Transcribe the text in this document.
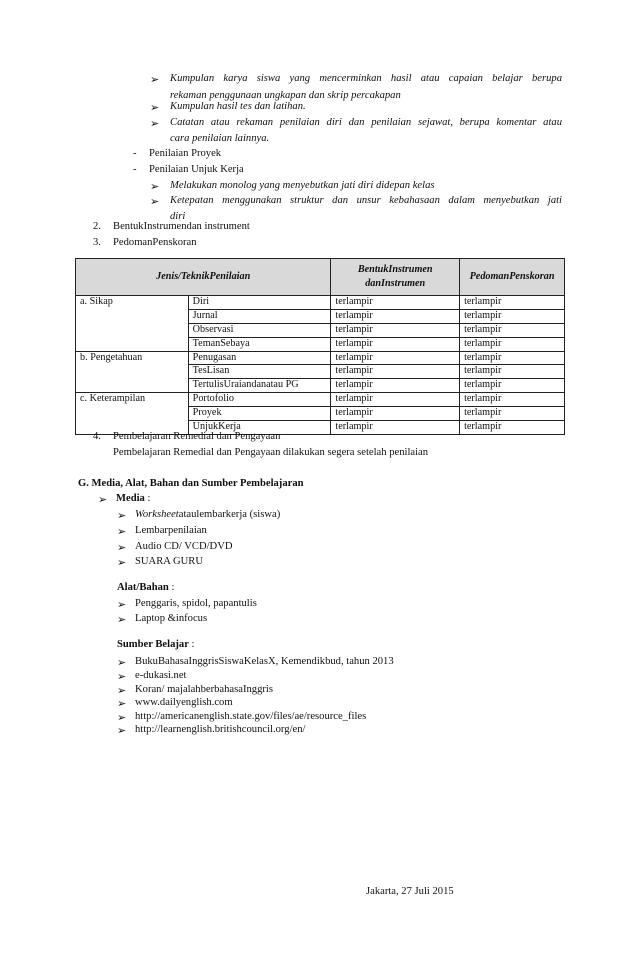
➢ Kumpulan karya siswa yang mencerminkan hasil atau capaian belajar berupa
rekaman penggunaan ungkapan dan skrip percakapan
➢ Kumpulan hasil tes dan latihan.
➢ Catatan atau rekaman penilaian diri dan penilaian sejawat, berupa komentar atau
cara penilaian lainnya.
- Penilaian Proyek
- Penilaian Unjuk Kerja
➢ Melakukan monolog yang menyebutkan jati diri didepan kelas
➢ Ketepatan menggunakan struktur dan unsur kebahasaan dalam menyebutkan jati
diri
2. BentukInstrumendan instrument
3. PedomanPenskoran
Jenis/TeknikPenilaian		BentukInstrumen danInstrumen	PedomanPenskoran
a. Sikap	Diri	terlampir	terlampir
	Jurnal	terlampir	terlampir
	Observasi	terlampir	terlampir
	TemanSebaya	terlampir	terlampir
b. Pengetahuan	Penugasan	terlampir	terlampir
	TesLisan	terlampir	terlampir
	TertulisUraiandanatau PG	terlampir	terlampir
c. Keterampilan	Portofolio	terlampir	terlampir
	Proyek	terlampir	terlampir
	UnjukKerja	terlampir	terlampir
4. Pembelajaran Remedial dan Pengayaan
Pembelajaran Remedial dan Pengayaan dilakukan segera setelah penilaian
G. Media, Alat, Bahan dan Sumber Pembelajaran
➢ Media :
➢ Worksheetataulembarkerja (siswa)
➢ Lembarpenilaian
➢ Audio CD/ VCD/DVD
➢ SUARA GURU
Alat/Bahan :
➢ Penggaris, spidol, papantulis
➢ Laptop &infocus
Sumber Belajar :
➢ BukuBahasaInggrisSiswaKelasX, Kemendikbud, tahun 2013
➢ e-dukasi.net
➢ Koran/ majalahberbahasaInggris
➢ www.dailyenglish.com
➢ http://americanenglish.state.gov/files/ae/resource_files
➢ http://learnenglish.britishcouncil.org/en/
Jakarta, 27 Juli 2015
